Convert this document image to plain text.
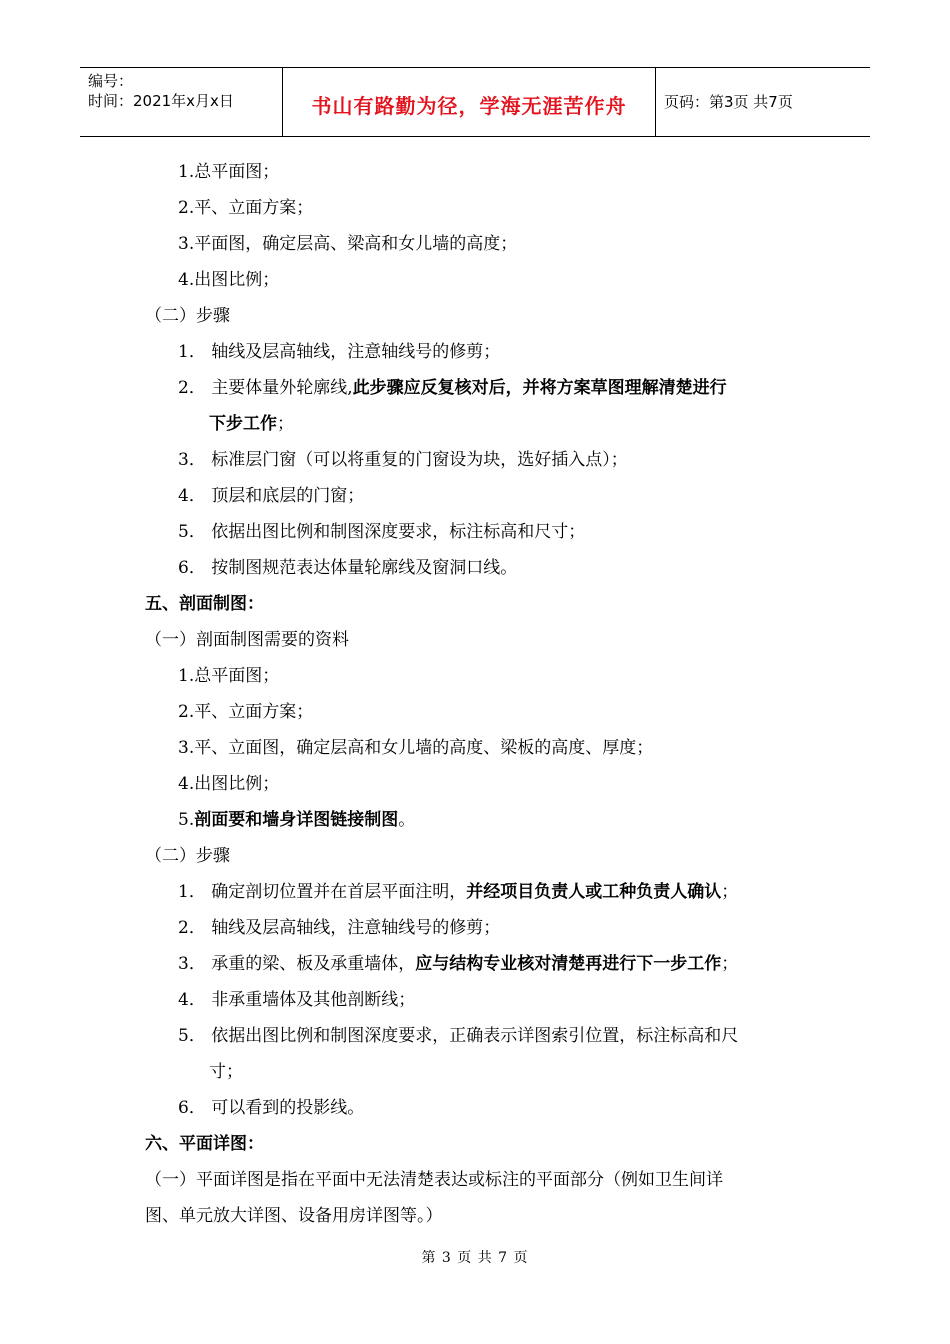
编号：
时间：2021年x月x日	书山有路勤为径，学海无涯苦作舟	页码：第3页 共7页
1.总平面图；
2.平、立面方案；
3.平面图，确定层高、梁高和女儿墙的高度；
4.出图比例；
（二）步骤
1． 轴线及层高轴线，注意轴线号的修剪；
2． 主要体量外轮廓线,此步骤应反复核对后，并将方案草图理解清楚进行
下步工作；
3． 标准层门窗（可以将重复的门窗设为块，选好插入点）；
4． 顶层和底层的门窗；
5． 依据出图比例和制图深度要求，标注标高和尺寸；
6． 按制图规范表达体量轮廓线及窗洞口线。
五、剖面制图：
（一）剖面制图需要的资料
1.总平面图；
2.平、立面方案；
3.平、立面图，确定层高和女儿墙的高度、梁板的高度、厚度；
4.出图比例；
5.剖面要和墙身详图链接制图。
（二）步骤
1． 确定剖切位置并在首层平面注明，并经项目负责人或工种负责人确认；
2． 轴线及层高轴线，注意轴线号的修剪；
3． 承重的梁、板及承重墙体，应与结构专业核对清楚再进行下一步工作；
4． 非承重墙体及其他剖断线；
5． 依据出图比例和制图深度要求，正确表示详图索引位置，标注标高和尺
寸；
6． 可以看到的投影线。
六、平面详图：
（一）平面详图是指在平面中无法清楚表达或标注的平面部分（例如卫生间详
图、单元放大详图、设备用房详图等。）
第 3 页 共 7 页
